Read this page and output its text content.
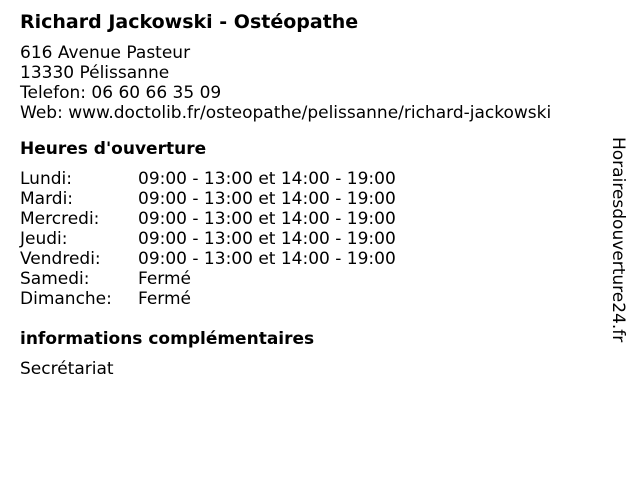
Richard Jackowski - Ostéopathe
616 Avenue Pasteur
13330 Pélissanne
Telefon: 06 60 66 35 09
Web: www.doctolib.fr/osteopathe/pelissanne/richard-jackowski
Heures d'ouverture
Lundi:	09:00 - 13:00 et 14:00 - 19:00
Mardi:	09:00 - 13:00 et 14:00 - 19:00
Mercredi:	09:00 - 13:00 et 14:00 - 19:00
Jeudi:	09:00 - 13:00 et 14:00 - 19:00
Vendredi:	09:00 - 13:00 et 14:00 - 19:00
Samedi:	Fermé
Dimanche:	Fermé
informations complémentaires
Secrétariat
Horairesdouverture24.fr
